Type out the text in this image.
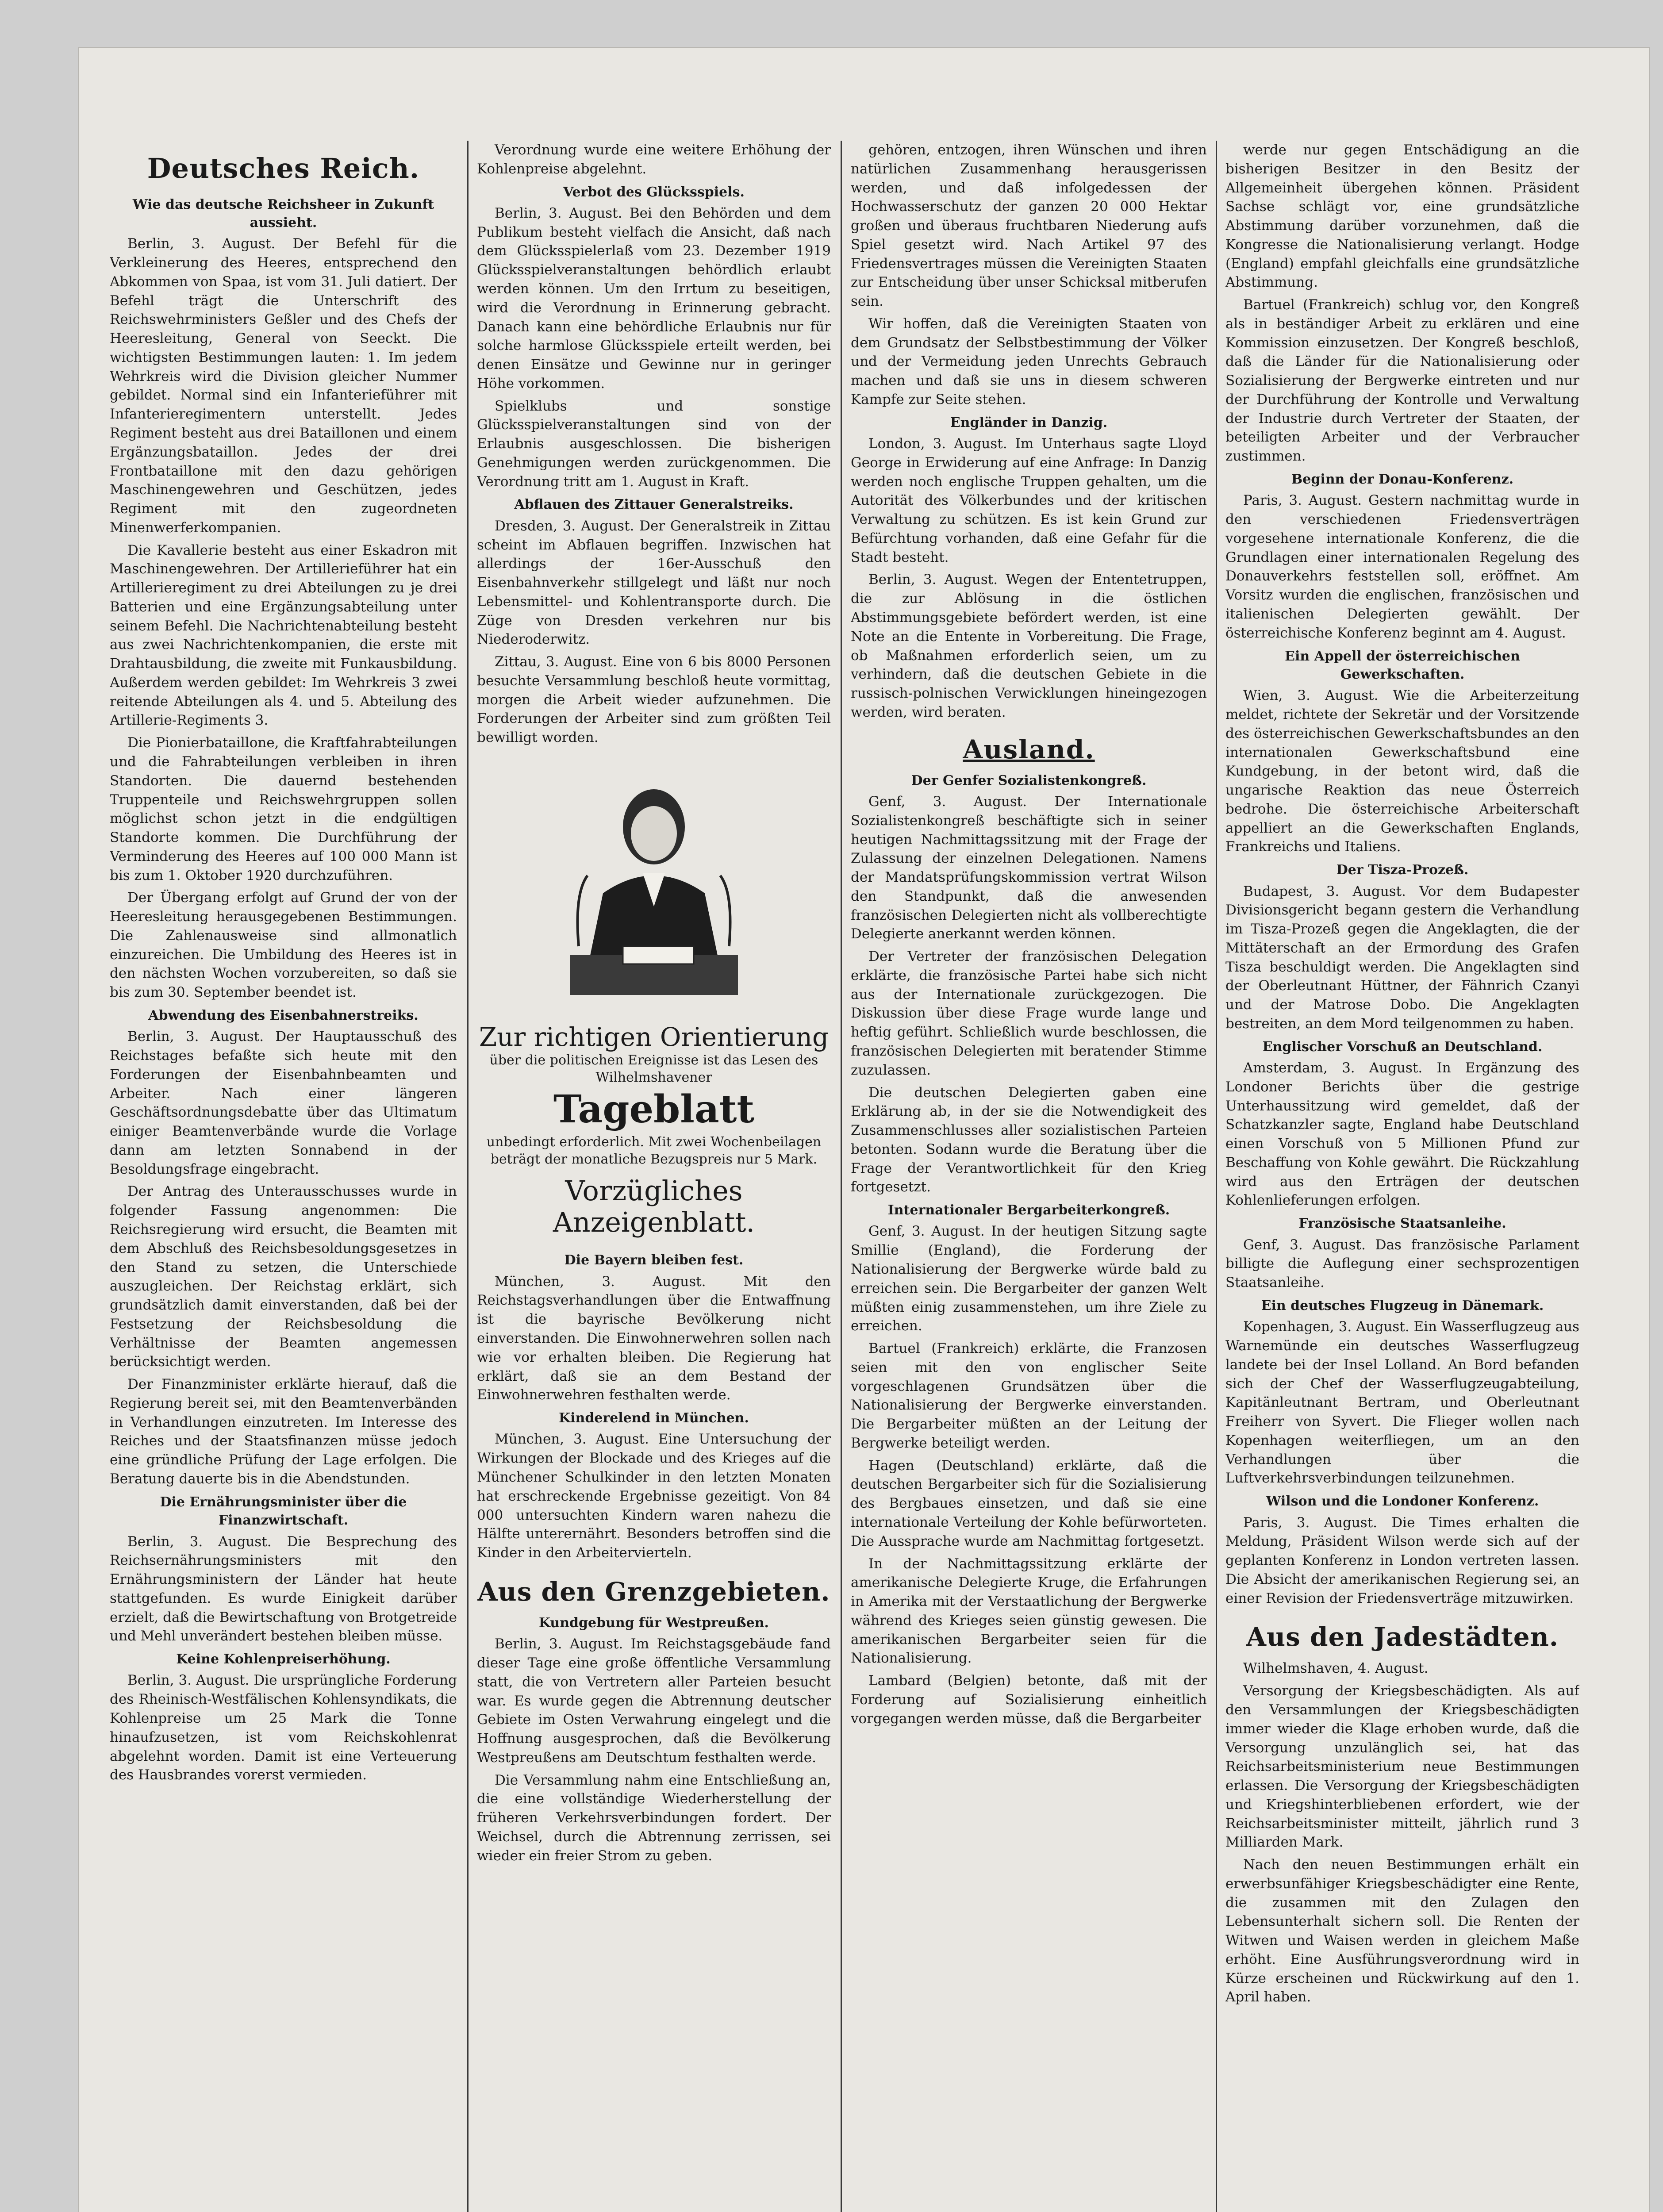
Deutsches Reich.
Wie das deutsche Reichsheer in Zukunft aussieht.

Berlin, 3. August. Der Befehl für die Verkleinerung des Heeres, entsprechend den Abkommen von Spaa, ist vom 31. Juli datiert. Der Befehl trägt die Unterschrift des Reichswehrministers Geßler und des Chefs der Heeresleitung, General von Seeckt. Die wichtigsten Bestimmungen lauten: 1. Im jedem Wehrkreis wird die Division gleicher Nummer gebildet. Normal sind ein Infanterieführer mit Infanterieregimentern unterstellt. Jedes Regiment besteht aus drei Bataillonen und einem Ergänzungsbataillon. Jedes der drei Frontbataillone mit den dazu gehörigen Maschinengewehren und Geschützen, jedes Regiment mit den zugeordneten Minenwerferkompanien.

Die Kavallerie besteht aus einer Eskadron mit Maschinengewehren. Der Artillerieführer hat ein Artillerieregiment zu drei Abteilungen zu je drei Batterien und eine Ergänzungsabteilung unter seinem Befehl. Die Nachrichtenabteilung besteht aus zwei Nachrichtenkompanien, die erste mit Drahtausbildung, die zweite mit Funkausbildung. Außerdem werden gebildet: Im Wehrkreis 3 zwei reitende Abteilungen als 4. und 5. Abteilung des Artillerie-Regiments 3.

Die Pionierbataillone, die Kraftfahrabteilungen und die Fahrabteilungen verbleiben in ihren Standorten. Die dauernd bestehenden Truppenteile und Reichswehrgruppen sollen möglichst schon jetzt in die endgültigen Standorte kommen. Die Durchführung der Verminderung des Heeres auf 100 000 Mann ist bis zum 1. Oktober 1920 durchzuführen.

Der Übergang erfolgt auf Grund der von der Heeresleitung herausgegebenen Bestimmungen. Die Zahlenausweise sind allmonatlich einzureichen. Die Umbildung des Heeres ist in den nächsten Wochen vorzubereiten, so daß sie bis zum 30. September beendet ist.

Abwendung des Eisenbahnerstreiks.

Berlin, 3. August. Der Hauptausschuß des Reichstages befaßte sich heute mit den Forderungen der Eisenbahnbeamten und Arbeiter. Nach einer längeren Geschäftsordnungsdebatte über das Ultimatum einiger Beamtenverbände wurde die Vorlage dann am letzten Sonnabend in der Besoldungsfrage eingebracht.

Der Antrag des Unterausschusses wurde in folgender Fassung angenommen: Die Reichsregierung wird ersucht, die Beamten mit dem Abschluß des Reichsbesoldungsgesetzes in den Stand zu setzen, die Unterschiede auszugleichen. Der Reichstag erklärt, sich grundsätzlich damit einverstanden, daß bei der Festsetzung der Reichsbesoldung die Verhältnisse der Beamten angemessen berücksichtigt werden.

Der Finanzminister erklärte hierauf, daß die Regierung bereit sei, mit den Beamtenverbänden in Verhandlungen einzutreten. Im Interesse des Reiches und der Staatsfinanzen müsse jedoch eine gründliche Prüfung der Lage erfolgen. Die Beratung dauerte bis in die Abendstunden.

Die Ernährungsminister über die Finanzwirtschaft.

Berlin, 3. August. Die Besprechung des Reichsernährungsministers mit den Ernährungsministern der Länder hat heute stattgefunden. Es wurde Einigkeit darüber erzielt, daß die Bewirtschaftung von Brotgetreide und Mehl unverändert bestehen bleiben müsse.

Keine Kohlenpreiserhöhung.

Berlin, 3. August. Die ursprüngliche Forderung des Rheinisch-Westfälischen Kohlensyndikats, die Kohlenpreise um 25 Mark die Tonne hinaufzusetzen, ist vom Reichskohlenrat abgelehnt worden. Damit ist eine Verteuerung des Hausbrandes vorerst vermieden.

Verordnung wurde eine weitere Erhöhung der Kohlenpreise abgelehnt.

Verbot des Glücksspiels.

Berlin, 3. August. Bei den Behörden und dem Publikum besteht vielfach die Ansicht, daß nach dem Glücksspielerlaß vom 23. Dezember 1919 Glücksspielveranstaltungen behördlich erlaubt werden können. Um den Irrtum zu beseitigen, wird die Verordnung in Erinnerung gebracht. Danach kann eine behördliche Erlaubnis nur für solche harmlose Glücksspiele erteilt werden, bei denen Einsätze und Gewinne nur in geringer Höhe vorkommen.

Spielklubs und sonstige Glücksspielveranstaltungen sind von der Erlaubnis ausgeschlossen. Die bisherigen Genehmigungen werden zurückgenommen. Die Verordnung tritt am 1. August in Kraft.

Abflauen des Zittauer Generalstreiks.

Dresden, 3. August. Der Generalstreik in Zittau scheint im Abflauen begriffen. Inzwischen hat allerdings der 16er-Ausschuß den Eisenbahnverkehr stillgelegt und läßt nur noch Lebensmittel- und Kohlentransporte durch. Die Züge von Dresden verkehren nur bis Niederoderwitz.

Zittau, 3. August. Eine von 6 bis 8000 Personen besuchte Versammlung beschloß heute vormittag, morgen die Arbeit wieder aufzunehmen. Die Forderungen der Arbeiter sind zum größten Teil bewilligt worden.

Zur richtigen Orientierung
über die politischen Ereignisse ist das Lesen des Wilhelmshavener
Tageblatt
unbedingt erforderlich. Mit zwei Wochenbeilagen beträgt der monatliche Bezugspreis nur 5 Mark.
Vorzügliches Anzeigenblatt.
Die Bayern bleiben fest.

München, 3. August. Mit den Reichstagsverhandlungen über die Entwaffnung ist die bayrische Bevölkerung nicht einverstanden. Die Einwohnerwehren sollen nach wie vor erhalten bleiben. Die Regierung hat erklärt, daß sie an dem Bestand der Einwohnerwehren festhalten werde.

Kinderelend in München.

München, 3. August. Eine Untersuchung der Wirkungen der Blockade und des Krieges auf die Münchener Schulkinder in den letzten Monaten hat erschreckende Ergebnisse gezeitigt. Von 84 000 untersuchten Kindern waren nahezu die Hälfte unterernährt. Besonders betroffen sind die Kinder in den Arbeitervierteln.

Aus den Grenzgebieten.
Kundgebung für Westpreußen.

Berlin, 3. August. Im Reichstagsgebäude fand dieser Tage eine große öffentliche Versammlung statt, die von Vertretern aller Parteien besucht war. Es wurde gegen die Abtrennung deutscher Gebiete im Osten Verwahrung eingelegt und die Hoffnung ausgesprochen, daß die Bevölkerung Westpreußens am Deutschtum festhalten werde.

Die Versammlung nahm eine Entschließung an, die eine vollständige Wiederherstellung der früheren Verkehrsverbindungen fordert. Der Weichsel, durch die Abtrennung zerrissen, sei wieder ein freier Strom zu geben.

gehören, entzogen, ihren Wünschen und ihren natürlichen Zusammenhang herausgerissen werden, und daß infolgedessen der Hochwasserschutz der ganzen 20 000 Hektar großen und überaus fruchtbaren Niederung aufs Spiel gesetzt wird. Nach Artikel 97 des Friedensvertrages müssen die Vereinigten Staaten zur Entscheidung über unser Schicksal mitberufen sein.

Wir hoffen, daß die Vereinigten Staaten von dem Grundsatz der Selbstbestimmung der Völker und der Vermeidung jeden Unrechts Gebrauch machen und daß sie uns in diesem schweren Kampfe zur Seite stehen.

Engländer in Danzig.

London, 3. August. Im Unterhaus sagte Lloyd George in Erwiderung auf eine Anfrage: In Danzig werden noch englische Truppen gehalten, um die Autorität des Völkerbundes und der kritischen Verwaltung zu schützen. Es ist kein Grund zur Befürchtung vorhanden, daß eine Gefahr für die Stadt besteht.

Berlin, 3. August. Wegen der Ententetruppen, die zur Ablösung in die östlichen Abstimmungsgebiete befördert werden, ist eine Note an die Entente in Vorbereitung. Die Frage, ob Maßnahmen erforderlich seien, um zu verhindern, daß die deutschen Gebiete in die russisch-polnischen Verwicklungen hineingezogen werden, wird beraten.

Ausland.
Der Genfer Sozialistenkongreß.

Genf, 3. August. Der Internationale Sozialistenkongreß beschäftigte sich in seiner heutigen Nachmittagssitzung mit der Frage der Zulassung der einzelnen Delegationen. Namens der Mandatsprüfungskommission vertrat Wilson den Standpunkt, daß die anwesenden französischen Delegierten nicht als vollberechtigte Delegierte anerkannt werden können.

Der Vertreter der französischen Delegation erklärte, die französische Partei habe sich nicht aus der Internationale zurückgezogen. Die Diskussion über diese Frage wurde lange und heftig geführt. Schließlich wurde beschlossen, die französischen Delegierten mit beratender Stimme zuzulassen.

Die deutschen Delegierten gaben eine Erklärung ab, in der sie die Notwendigkeit des Zusammenschlusses aller sozialistischen Parteien betonten. Sodann wurde die Beratung über die Frage der Verantwortlichkeit für den Krieg fortgesetzt.

Internationaler Bergarbeiterkongreß.

Genf, 3. August. In der heutigen Sitzung sagte Smillie (England), die Forderung der Nationalisierung der Bergwerke würde bald zu erreichen sein. Die Bergarbeiter der ganzen Welt müßten einig zusammenstehen, um ihre Ziele zu erreichen.

Bartuel (Frankreich) erklärte, die Franzosen seien mit den von englischer Seite vorgeschlagenen Grundsätzen über die Nationalisierung der Bergwerke einverstanden. Die Bergarbeiter müßten an der Leitung der Bergwerke beteiligt werden.

Hagen (Deutschland) erklärte, daß die deutschen Bergarbeiter sich für die Sozialisierung des Bergbaues einsetzen, und daß sie eine internationale Verteilung der Kohle befürworteten. Die Aussprache wurde am Nachmittag fortgesetzt.

In der Nachmittagssitzung erklärte der amerikanische Delegierte Kruge, die Erfahrungen in Amerika mit der Verstaatlichung der Bergwerke während des Krieges seien günstig gewesen. Die amerikanischen Bergarbeiter seien für die Nationalisierung.

Lambard (Belgien) betonte, daß mit der Forderung auf Sozialisierung einheitlich vorgegangen werden müsse, daß die Bergarbeiter

werde nur gegen Entschädigung an die bisherigen Besitzer in den Besitz der Allgemeinheit übergehen können. Präsident Sachse schlägt vor, eine grundsätzliche Abstimmung darüber vorzunehmen, daß die Kongresse die Nationalisierung verlangt. Hodge (England) empfahl gleichfalls eine grundsätzliche Abstimmung.

Bartuel (Frankreich) schlug vor, den Kongreß als in beständiger Arbeit zu erklären und eine Kommission einzusetzen. Der Kongreß beschloß, daß die Länder für die Nationalisierung oder Sozialisierung der Bergwerke eintreten und nur der Durchführung der Kontrolle und Verwaltung der Industrie durch Vertreter der Staaten, der beteiligten Arbeiter und der Verbraucher zustimmen.

Beginn der Donau-Konferenz.

Paris, 3. August. Gestern nachmittag wurde in den verschiedenen Friedensverträgen vorgesehene internationale Konferenz, die die Grundlagen einer internationalen Regelung des Donauverkehrs feststellen soll, eröffnet. Am Vorsitz wurden die englischen, französischen und italienischen Delegierten gewählt. Der österreichische Konferenz beginnt am 4. August.

Ein Appell der österreichischen Gewerkschaften.

Wien, 3. August. Wie die Arbeiterzeitung meldet, richtete der Sekretär und der Vorsitzende des österreichischen Gewerkschaftsbundes an den internationalen Gewerkschaftsbund eine Kundgebung, in der betont wird, daß die ungarische Reaktion das neue Österreich bedrohe. Die österreichische Arbeiterschaft appelliert an die Gewerkschaften Englands, Frankreichs und Italiens.

Der Tisza-Prozeß.

Budapest, 3. August. Vor dem Budapester Divisionsgericht begann gestern die Verhandlung im Tisza-Prozeß gegen die Angeklagten, die der Mittäterschaft an der Ermordung des Grafen Tisza beschuldigt werden. Die Angeklagten sind der Oberleutnant Hüttner, der Fähnrich Czanyi und der Matrose Dobo. Die Angeklagten bestreiten, an dem Mord teilgenommen zu haben.

Englischer Vorschuß an Deutschland.

Amsterdam, 3. August. In Ergänzung des Londoner Berichts über die gestrige Unterhaussitzung wird gemeldet, daß der Schatzkanzler sagte, England habe Deutschland einen Vorschuß von 5 Millionen Pfund zur Beschaffung von Kohle gewährt. Die Rückzahlung wird aus den Erträgen der deutschen Kohlenlieferungen erfolgen.

Französische Staatsanleihe.

Genf, 3. August. Das französische Parlament billigte die Auflegung einer sechsprozentigen Staatsanleihe.

Ein deutsches Flugzeug in Dänemark.

Kopenhagen, 3. August. Ein Wasserflugzeug aus Warnemünde ein deutsches Wasserflugzeug landete bei der Insel Lolland. An Bord befanden sich der Chef der Wasserflugzeugabteilung, Kapitänleutnant Bertram, und Oberleutnant Freiherr von Syvert. Die Flieger wollen nach Kopenhagen weiterfliegen, um an den Verhandlungen über die Luftverkehrsverbindungen teilzunehmen.

Wilson und die Londoner Konferenz.

Paris, 3. August. Die Times erhalten die Meldung, Präsident Wilson werde sich auf der geplanten Konferenz in London vertreten lassen. Die Absicht der amerikanischen Regierung sei, an einer Revision der Friedensverträge mitzuwirken.

Aus den Jadestädten.

Wilhelmshaven, 4. August.

Versorgung der Kriegsbeschädigten. Als auf den Versammlungen der Kriegsbeschädigten immer wieder die Klage erhoben wurde, daß die Versorgung unzulänglich sei, hat das Reichsarbeitsministerium neue Bestimmungen erlassen. Die Versorgung der Kriegsbeschädigten und Kriegshinterbliebenen erfordert, wie der Reichsarbeitsminister mitteilt, jährlich rund 3 Milliarden Mark.

Nach den neuen Bestimmungen erhält ein erwerbsunfähiger Kriegsbeschädigter eine Rente, die zusammen mit den Zulagen den Lebensunterhalt sichern soll. Die Renten der Witwen und Waisen werden in gleichem Maße erhöht. Eine Ausführungsverordnung wird in Kürze erscheinen und Rückwirkung auf den 1. April haben.
